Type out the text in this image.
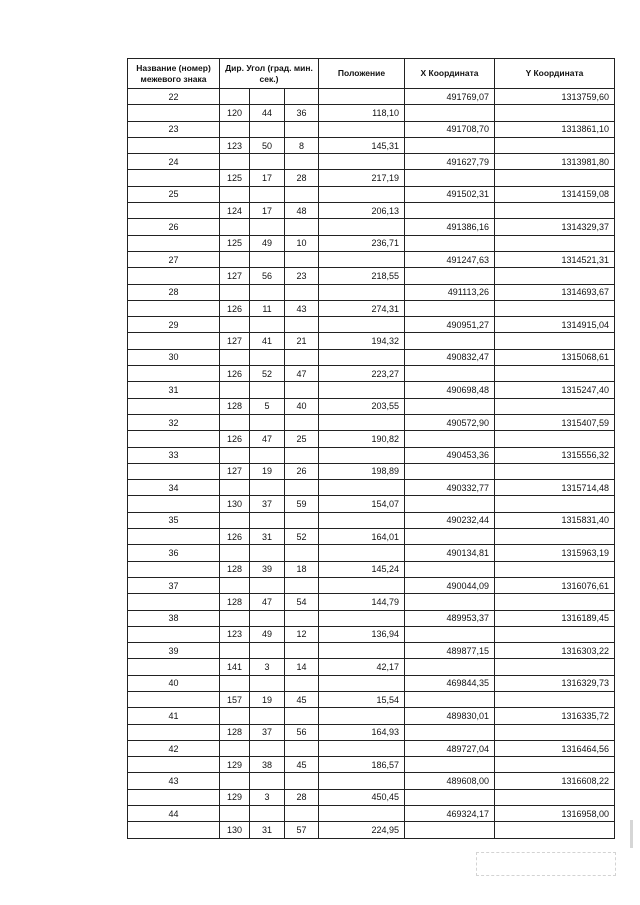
Название (номер) межевого знака	Дир. Угол (град. мин. сек.)			Положение	X Координата	Y Координата
22					491769,07	1313759,60
	120	44	36	118,10		
23					491708,70	1313861,10
	123	50	8	145,31		
24					491627,79	1313981,80
	125	17	28	217,19		
25					491502,31	1314159,08
	124	17	48	206,13		
26					491386,16	1314329,37
	125	49	10	236,71		
27					491247,63	1314521,31
	127	56	23	218,55		
28					491113,26	1314693,67
	126	11	43	274,31		
29					490951,27	1314915,04
	127	41	21	194,32		
30					490832,47	1315068,61
	126	52	47	223,27		
31					490698,48	1315247,40
	128	5	40	203,55		
32					490572,90	1315407,59
	126	47	25	190,82		
33					490453,36	1315556,32
	127	19	26	198,89		
34					490332,77	1315714,48
	130	37	59	154,07		
35					490232,44	1315831,40
	126	31	52	164,01		
36					490134,81	1315963,19
	128	39	18	145,24		
37					490044,09	1316076,61
	128	47	54	144,79		
38					489953,37	1316189,45
	123	49	12	136,94		
39					489877,15	1316303,22
	141	3	14	42,17		
40					469844,35	1316329,73
	157	19	45	15,54		
41					489830,01	1316335,72
	128	37	56	164,93		
42					489727,04	1316464,56
	129	38	45	186,57		
43					489608,00	1316608,22
	129	3	28	450,45		
44					469324,17	1316958,00
	130	31	57	224,95		
